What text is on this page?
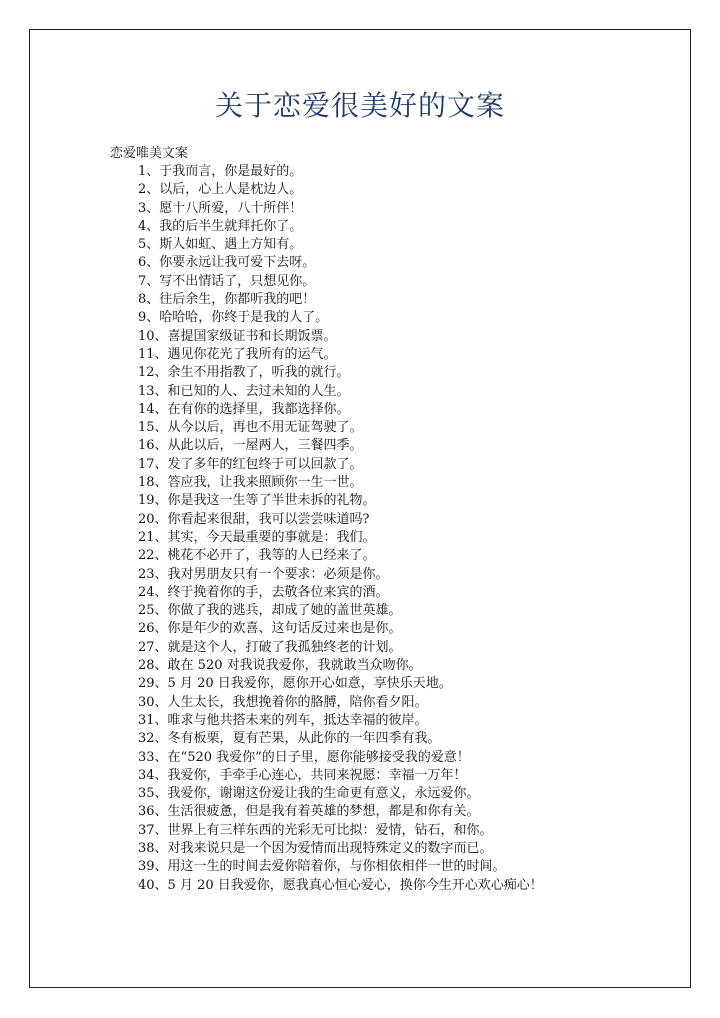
关于恋爱很美好的文案
恋爱唯美文案
1、于我而言，你是最好的。
2、以后，心上人是枕边人。
3、愿十八所爱，八十所伴！
4、我的后半生就拜托你了。
5、斯人如虹、遇上方知有。
6、你要永远让我可爱下去呀。
7、写不出情话了，只想见你。
8、往后余生，你都听我的吧！
9、哈哈哈，你终于是我的人了。
10、喜提国家级证书和长期饭票。
11、遇见你花光了我所有的运气。
12、余生不用指教了，听我的就行。
13、和已知的人、去过未知的人生。
14、在有你的选择里，我都选择你。
15、从今以后，再也不用无证驾驶了。
16、从此以后，一屋两人，三餐四季。
17、发了多年的红包终于可以回款了。
18、答应我，让我来照顾你一生一世。
19、你是我这一生等了半世未拆的礼物。
20、你看起来很甜，我可以尝尝味道吗?
21、其实，今天最重要的事就是：我们。
22、桃花不必开了，我等的人已经来了。
23、我对男朋友只有一个要求：必须是你。
24、终于挽着你的手，去敬各位来宾的酒。
25、你做了我的逃兵，却成了她的盖世英雄。
26、你是年少的欢喜、这句话反过来也是你。
27、就是这个人，打破了我孤独终老的计划。
28、敢在 520 对我说我爱你，我就敢当众吻你。
29、5 月 20 日我爱你，愿你开心如意，享快乐天地。
30、人生太长，我想挽着你的胳膊，陪你看夕阳。
31、唯求与他共搭未来的列车，抵达幸福的彼岸。
32、冬有板栗，夏有芒果，从此你的一年四季有我。
33、在“520 我爱你”的日子里，愿你能够接受我的爱意！
34、我爱你，手牵手心连心，共同来祝愿：幸福一万年！
35、我爱你，谢谢这份爱让我的生命更有意义，永远爱你。
36、生活很疲惫，但是我有着英雄的梦想，都是和你有关。
37、世界上有三样东西的光彩无可比拟：爱情，钻石，和你。
38、对我来说只是一个因为爱情而出现特殊定义的数字而已。
39、用这一生的时间去爱你陪着你，与你相依相伴一世的时间。
40、5 月 20 日我爱你，愿我真心恒心爱心，换你今生开心欢心痴心！
